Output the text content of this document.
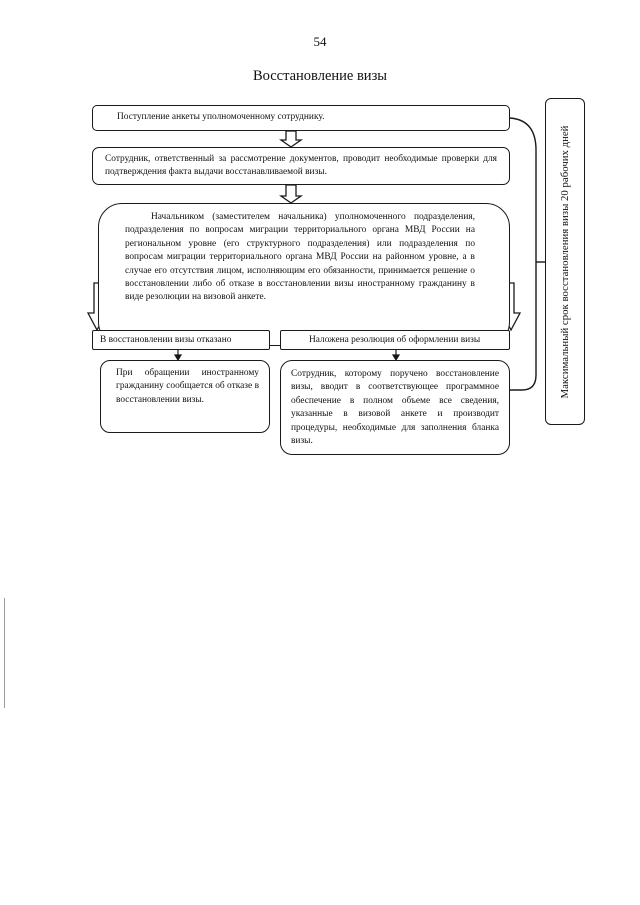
54
Восстановление визы
Поступление анкеты уполномоченному сотруднику.
Сотрудник, ответственный за рассмотрение документов, проводит необходимые проверки для подтверждения факта выдачи восстанавливаемой визы.

Начальником (заместителем начальника) уполномоченного подразделения, подразделения по вопросам миграции территориального органа МВД России на региональном уровне (его структурного подразделения) или подразделения по вопросам миграции территориального органа МВД России на районном уровне, а в случае его отсутствия лицом, исполняющим его обязанности, принимается решение о восстановлении либо об отказе в восстановлении визы иностранному гражданину в виде резолюции на визовой анкете.

В восстановлении визы отказано	Наложена резолюция об оформлении визы
При обращении иностранному гражданину сообщается об отказе в восстановлении визы.
Сотрудник, которому поручено восстановление визы, вводит в соответствующее программное обеспечение в полном объеме все сведения, указанные в визовой анкете и производит процедуры, необходимые для заполнения бланка визы.
Максимальный срок восстановления визы 20 рабочих дней
